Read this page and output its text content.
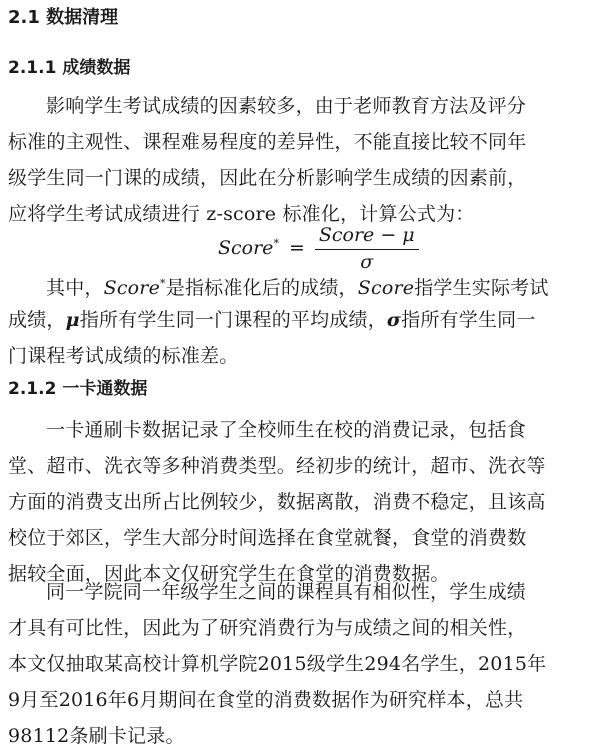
2.1 数据清理
2.1.1 成绩数据
影响学生考试成绩的因素较多，由于老师教育方法及评分
标准的主观性、课程难易程度的差异性，不能直接比较不同年
级学生同一门课的成绩，因此在分析影响学生成绩的因素前，
应将学生考试成绩进行 z-score 标准化，计算公式为：
Score* = $\frac{\text{Score − μ}}{\sigma}$
其中，Score*是指标准化后的成绩，Score指学生实际考试
成绩，μ指所有学生同一门课程的平均成绩，σ指所有学生同一
门课程考试成绩的标准差。
2.1.2 一卡通数据
一卡通刷卡数据记录了全校师生在校的消费记录，包括食
堂、超市、洗衣等多种消费类型。经初步的统计，超市、洗衣等
方面的消费支出所占比例较少，数据离散，消费不稳定，且该高
校位于郊区，学生大部分时间选择在食堂就餐，食堂的消费数
据较全面，因此本文仅研究学生在食堂的消费数据。
同一学院同一年级学生之间的课程具有相似性，学生成绩
才具有可比性，因此为了研究消费行为与成绩之间的相关性，
本文仅抽取某高校计算机学院2015级学生294名学生，2015年
9月至2016年6月期间在食堂的消费数据作为研究样本，总共
98112条刷卡记录。
